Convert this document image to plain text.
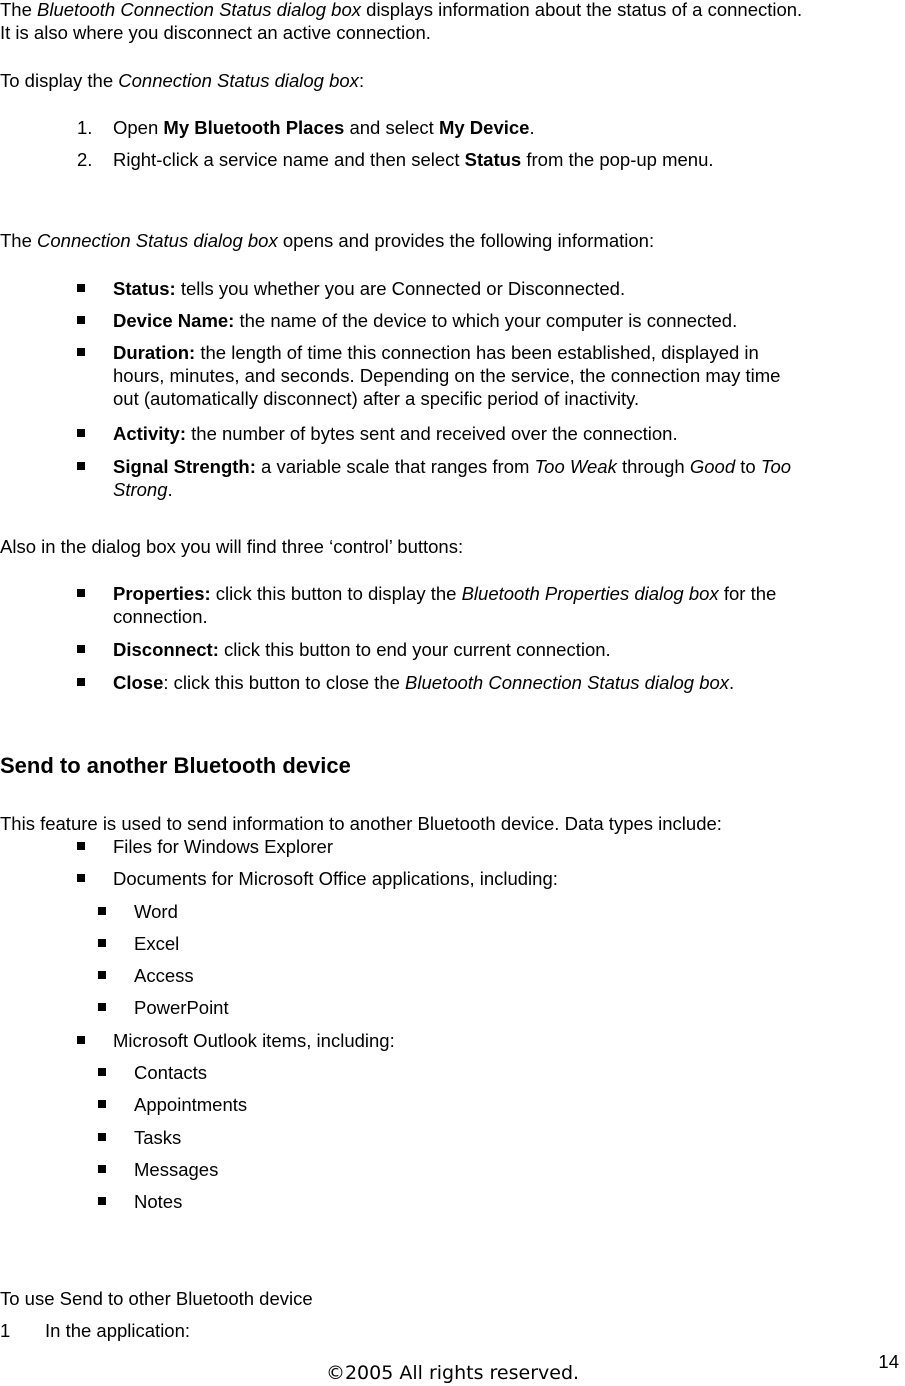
The Bluetooth Connection Status dialog box displays information about the status of a connection.
It is also where you disconnect an active connection.
To display the Connection Status dialog box:
1. Open My Bluetooth Places and select My Device.
2. Right-click a service name and then select Status from the pop-up menu.
The Connection Status dialog box opens and provides the following information:
Status: tells you whether you are Connected or Disconnected.
Device Name: the name of the device to which your computer is connected.
Duration: the length of time this connection has been established, displayed in
hours, minutes, and seconds. Depending on the service, the connection may time
out (automatically disconnect) after a specific period of inactivity.
Activity: the number of bytes sent and received over the connection.
Signal Strength: a variable scale that ranges from Too Weak through Good to Too
Strong.
Also in the dialog box you will find three ‘control’ buttons:
Properties: click this button to display the Bluetooth Properties dialog box for the
connection.
Disconnect: click this button to end your current connection.
Close: click this button to close the Bluetooth Connection Status dialog box.
Send to another Bluetooth device
This feature is used to send information to another Bluetooth device. Data types include:
Files for Windows Explorer
Documents for Microsoft Office applications, including:
Word
Excel
Access
PowerPoint
Microsoft Outlook items, including:
Contacts
Appointments
Tasks
Messages
Notes
To use Send to other Bluetooth device
1 In the application:
14
©2005 All rights reserved.
